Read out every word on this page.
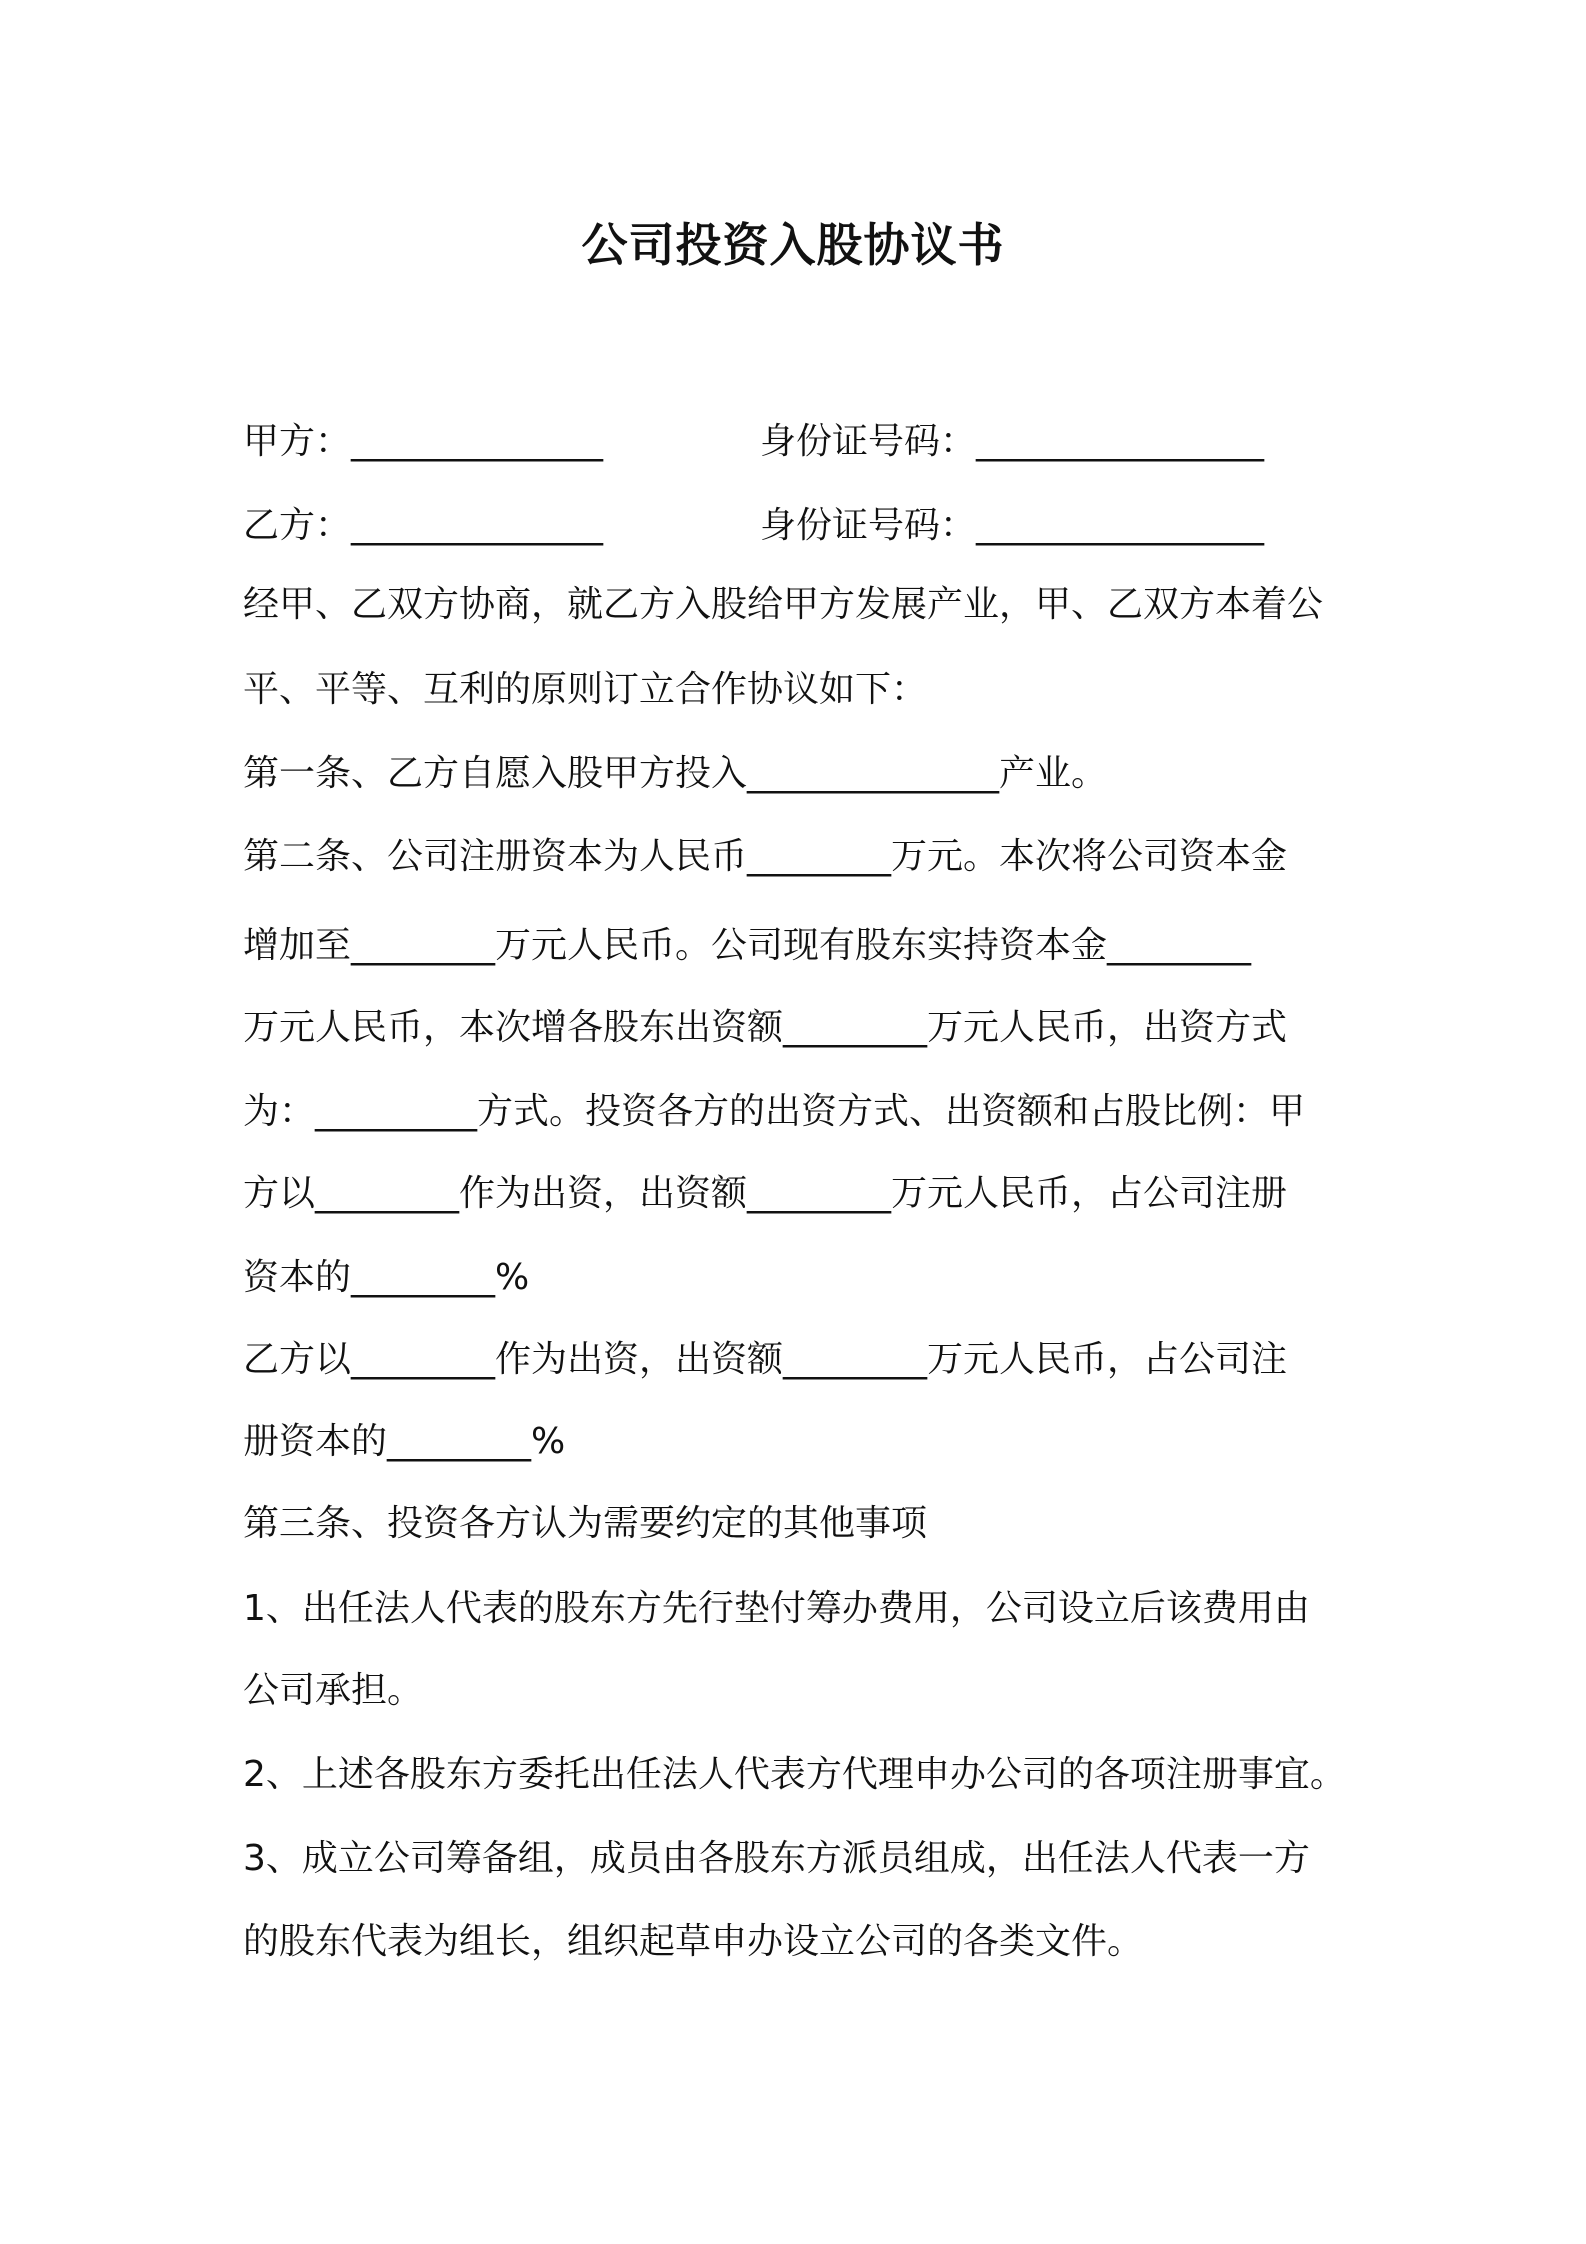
公司投资入股协议书
甲方：______________	身份证号码：________________
乙方：______________	身份证号码：________________
经甲、乙双方协商，就乙方入股给甲方发展产业，甲、乙双方本着公
平、平等、互利的原则订立合作协议如下：
第一条、乙方自愿入股甲方投入______________产业。
第二条、公司注册资本为人民币________万元。本次将公司资本金
增加至________万元人民币。公司现有股东实持资本金________
万元人民币，本次增各股东出资额________万元人民币，出资方式
为：_________方式。投资各方的出资方式、出资额和占股比例：甲
方以________作为出资，出资额________万元人民币，占公司注册
资本的________%
乙方以________作为出资，出资额________万元人民币，占公司注
册资本的________%
第三条、投资各方认为需要约定的其他事项
1、出任法人代表的股东方先行垫付筹办费用，公司设立后该费用由
公司承担。
2、上述各股东方委托出任法人代表方代理申办公司的各项注册事宜。
3、成立公司筹备组，成员由各股东方派员组成，出任法人代表一方
的股东代表为组长，组织起草申办设立公司的各类文件。
